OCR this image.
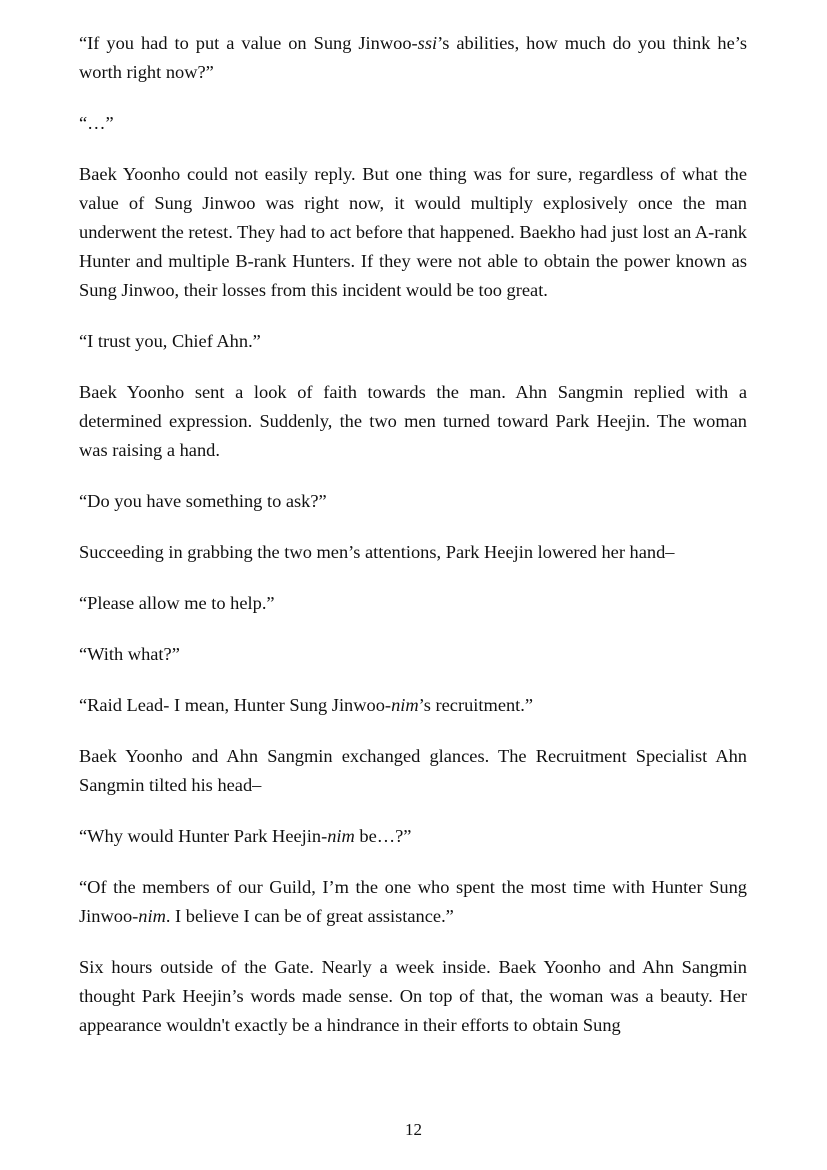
“If you had to put a value on Sung Jinwoo-ssi’s abilities, how much do you think he’s worth right now?”

“…”

Baek Yoonho could not easily reply. But one thing was for sure, regardless of what the value of Sung Jinwoo was right now, it would multiply explosively once the man underwent the retest. They had to act before that happened. Baekho had just lost an A-rank Hunter and multiple B-rank Hunters. If they were not able to obtain the power known as Sung Jinwoo, their losses from this incident would be too great.

“I trust you, Chief Ahn.”

Baek Yoonho sent a look of faith towards the man. Ahn Sangmin replied with a determined expression. Suddenly, the two men turned toward Park Heejin. The woman was raising a hand.

“Do you have something to ask?”

Succeeding in grabbing the two men’s attentions, Park Heejin lowered her hand–

“Please allow me to help.”

“With what?”

“Raid Lead- I mean, Hunter Sung Jinwoo-nim’s recruitment.”

Baek Yoonho and Ahn Sangmin exchanged glances. The Recruitment Specialist Ahn Sangmin tilted his head–

“Why would Hunter Park Heejin-nim be…?”

“Of the members of our Guild, I’m the one who spent the most time with Hunter Sung Jinwoo-nim. I believe I can be of great assistance.”

Six hours outside of the Gate. Nearly a week inside. Baek Yoonho and Ahn Sangmin thought Park Heejin’s words made sense. On top of that, the woman was a beauty. Her appearance wouldn't exactly be a hindrance in their efforts to obtain Sung

12
